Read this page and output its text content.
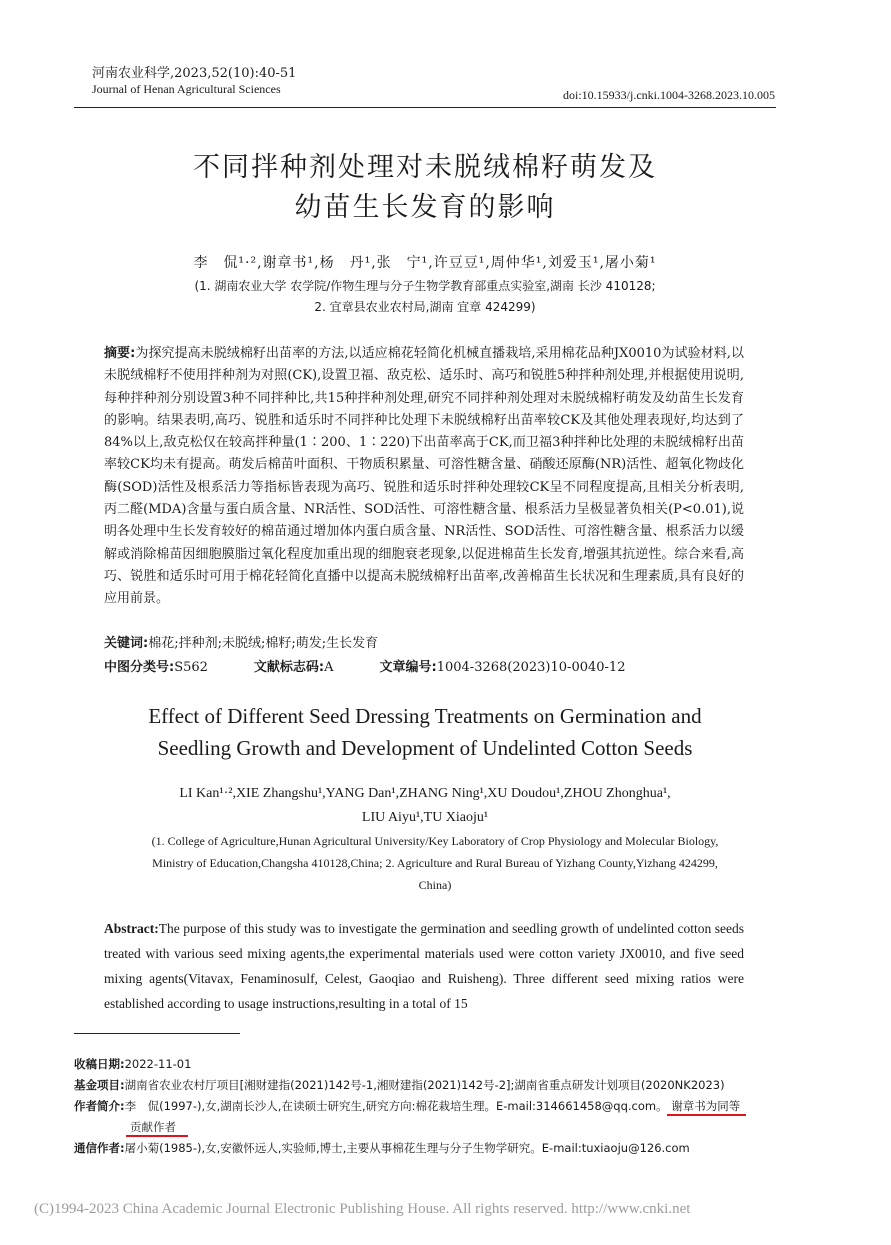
河南农业科学,2023,52(10):40-51
Journal of Henan Agricultural Sciences	doi:10.15933/j.cnki.1004-3268.2023.10.005
不同拌种剂处理对未脱绒棉籽萌发及
幼苗生长发育的影响
李　侃¹·²,谢章书¹,杨　丹¹,张　宁¹,许豆豆¹,周仲华¹,刘爱玉¹,屠小菊¹
(1. 湖南农业大学 农学院/作物生理与分子生物学教育部重点实验室,湖南 长沙 410128;
2. 宜章县农业农村局,湖南 宜章 424299)
摘要:为探究提高未脱绒棉籽出苗率的方法,以适应棉花轻简化机械直播栽培,采用棉花品种JX0010为试验材料,以未脱绒棉籽不使用拌种剂为对照(CK),设置卫福、敌克松、适乐时、高巧和锐胜5种拌种剂处理,并根据使用说明,每种拌种剂分别设置3种不同拌种比,共15种拌种剂处理,研究不同拌种剂处理对未脱绒棉籽萌发及幼苗生长发育的影响。结果表明,高巧、锐胜和适乐时不同拌种比处理下未脱绒棉籽出苗率较CK及其他处理表现好,均达到了84%以上,敌克松仅在较高拌种量(1∶200、1∶220)下出苗率高于CK,而卫福3种拌种比处理的未脱绒棉籽出苗率较CK均未有提高。萌发后棉苗叶面积、干物质积累量、可溶性糖含量、硝酸还原酶(NR)活性、超氧化物歧化酶(SOD)活性及根系活力等指标皆表现为高巧、锐胜和适乐时拌种处理较CK呈不同程度提高,且相关分析表明,丙二醛(MDA)含量与蛋白质含量、NR活性、SOD活性、可溶性糖含量、根系活力呈极显著负相关(P<0.01),说明各处理中生长发育较好的棉苗通过增加体内蛋白质含量、NR活性、SOD活性、可溶性糖含量、根系活力以缓解或消除棉苗因细胞膜脂过氧化程度加重出现的细胞衰老现象,以促进棉苗生长发育,增强其抗逆性。综合来看,高巧、锐胜和适乐时可用于棉花轻简化直播中以提高未脱绒棉籽出苗率,改善棉苗生长状况和生理素质,具有良好的应用前景。
关键词:棉花;拌种剂;未脱绒;棉籽;萌发;生长发育
中图分类号:S562	文献标志码:A	文章编号:1004-3268(2023)10-0040-12
Effect of Different Seed Dressing Treatments on Germination and
Seedling Growth and Development of Undelinted Cotton Seeds
LI Kan¹·²,XIE Zhangshu¹,YANG Dan¹,ZHANG Ning¹,XU Doudou¹,ZHOU Zhonghua¹,
LIU Aiyu¹,TU Xiaoju¹
(1. College of Agriculture,Hunan Agricultural University/Key Laboratory of Crop Physiology and Molecular Biology,
Ministry of Education,Changsha 410128,China; 2. Agriculture and Rural Bureau of Yizhang County,Yizhang 424299,
China)
Abstract:The purpose of this study was to investigate the germination and seedling growth of undelinted cotton seeds treated with various seed mixing agents,the experimental materials used were cotton variety JX0010, and five seed mixing agents(Vitavax, Fenaminosulf, Celest, Gaoqiao and Ruisheng). Three different seed mixing ratios were established according to usage instructions,resulting in a total of 15
收稿日期:2022-11-01
基金项目:湖南省农业农村厅项目[湘财建指(2021)142号-1,湘财建指(2021)142号-2];湖南省重点研发计划项目(2020NK2023)
作者简介:李　侃(1997-),女,湖南长沙人,在读硕士研究生,研究方向:棉花栽培生理。E-mail:314661458@qq.com。 谢章书为同等
贡献作者
通信作者:屠小菊(1985-),女,安徽怀远人,实验师,博士,主要从事棉花生理与分子生物学研究。E-mail:tuxiaoju@126.com
(C)1994-2023 China Academic Journal Electronic Publishing House. All rights reserved. http://www.cnki.net
